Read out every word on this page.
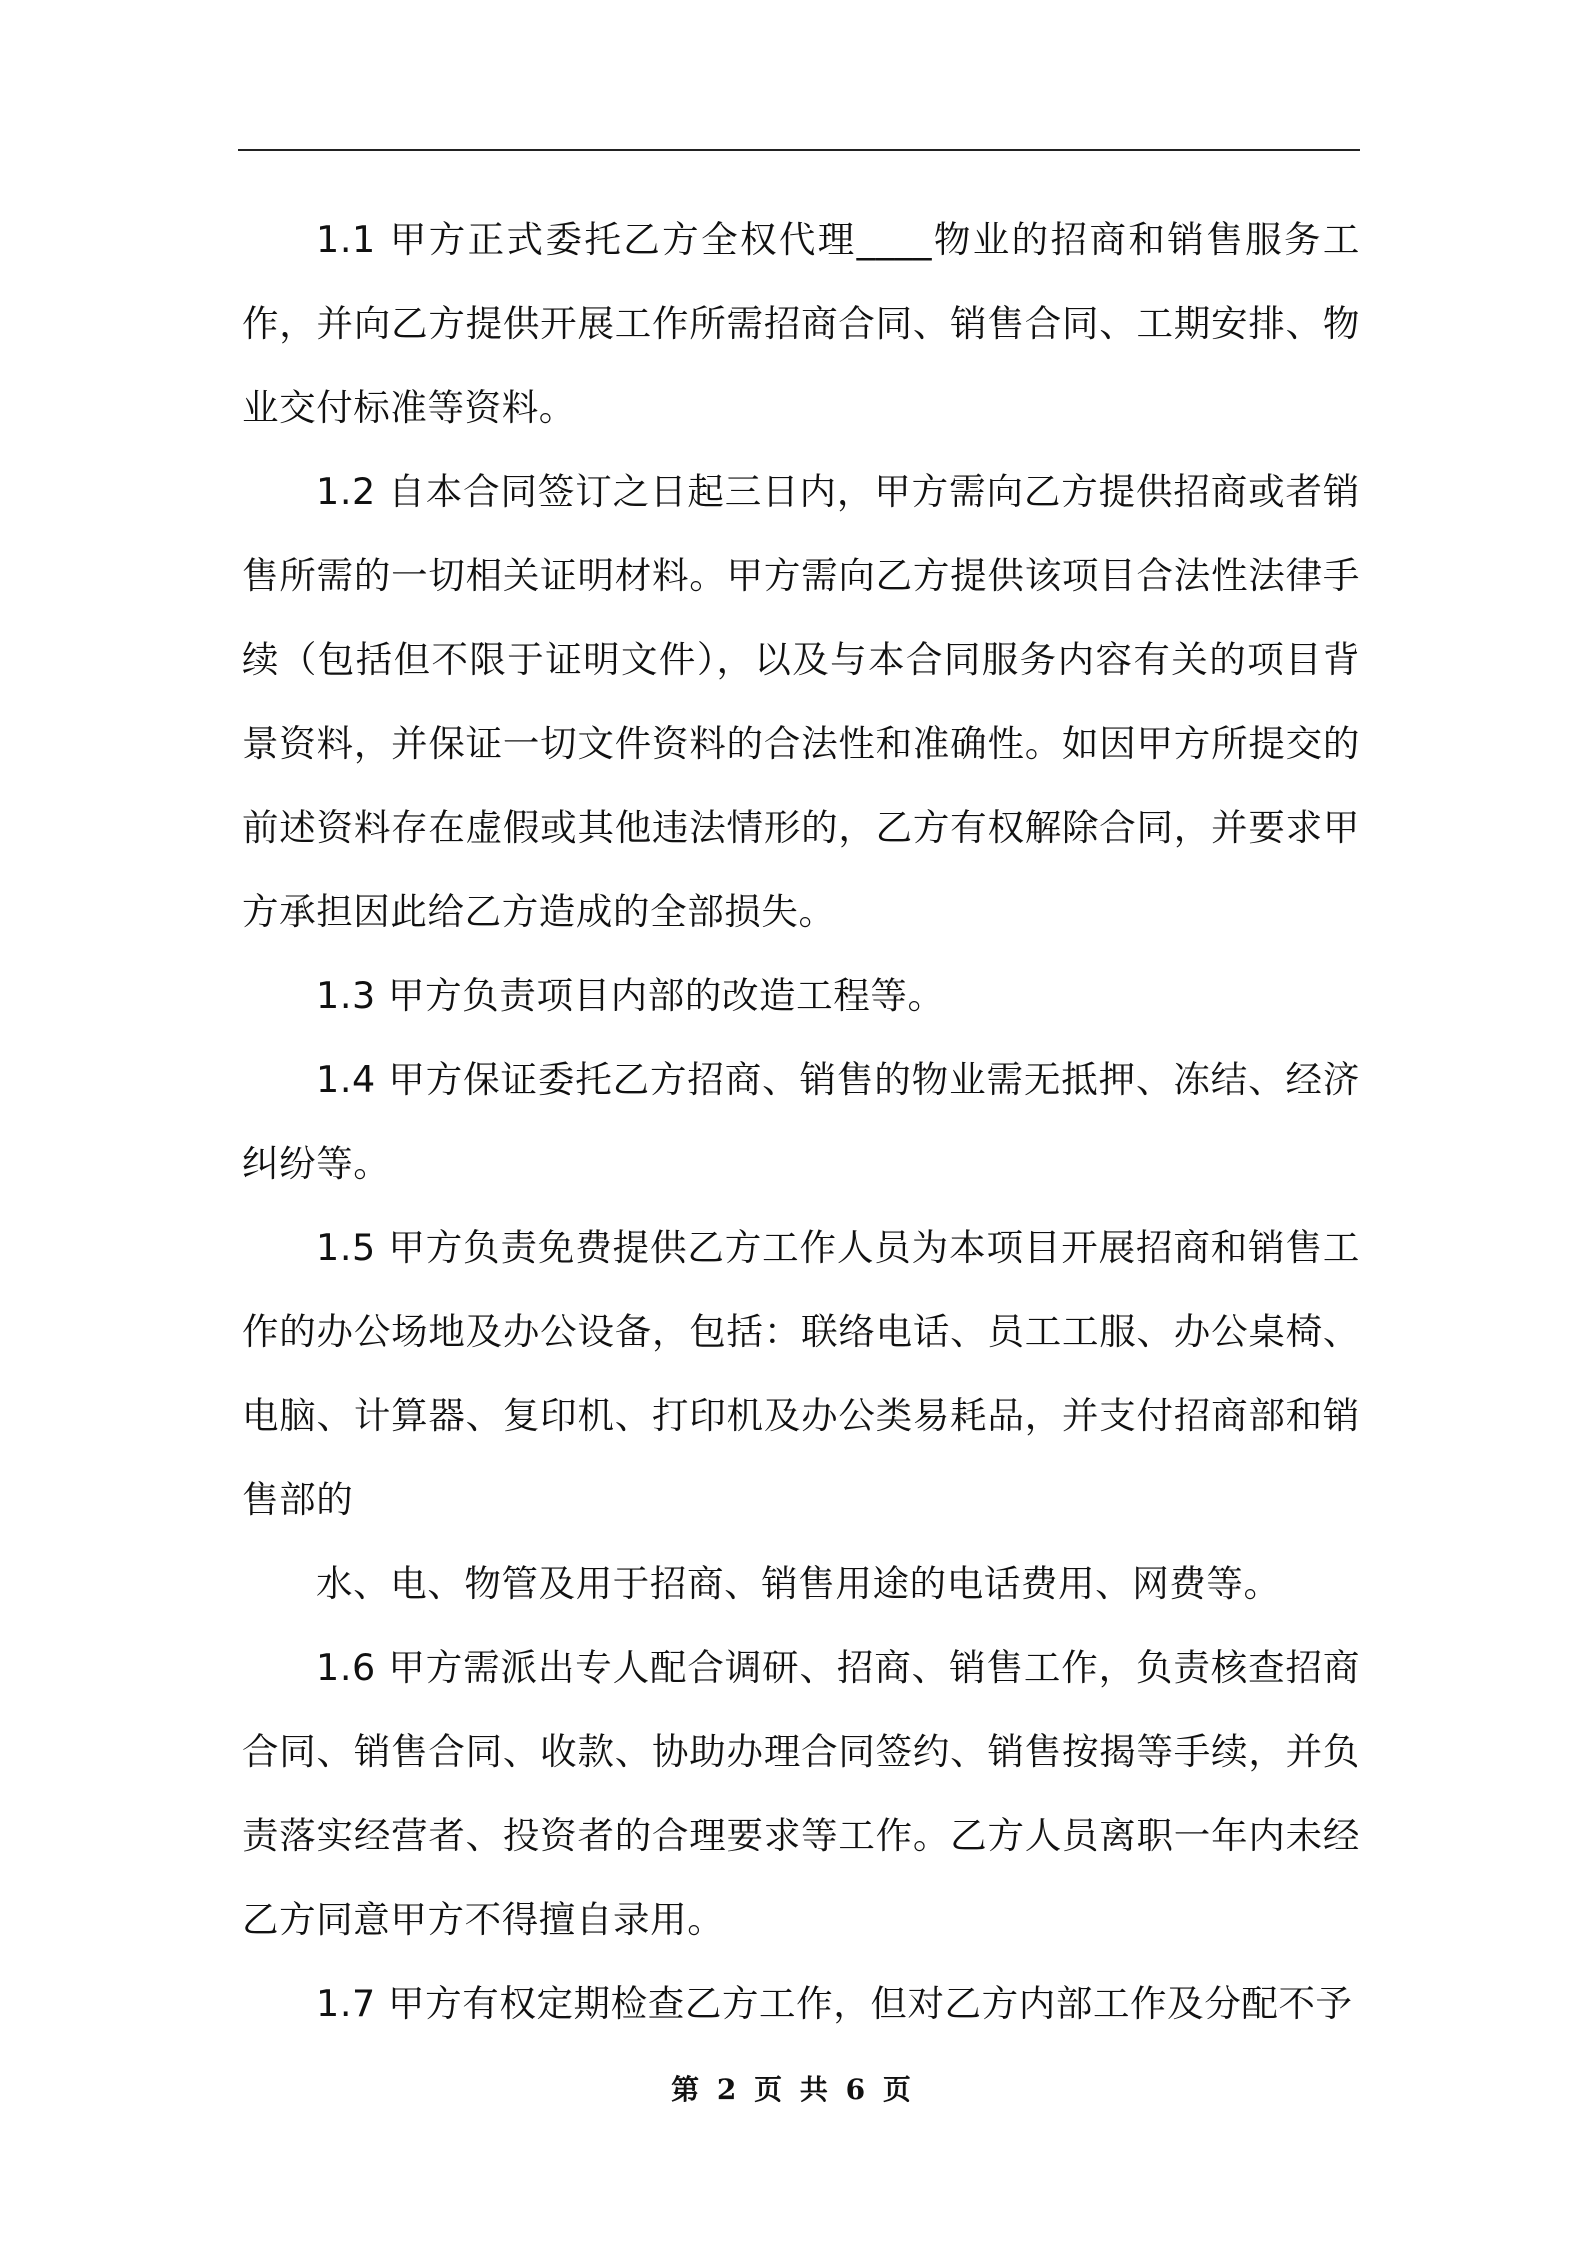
1.1 甲方正式委托乙方全权代理____物业的招商和销售服务工作，并向乙方提供开展工作所需招商合同、销售合同、工期安排、物业交付标准等资料。

1.2 自本合同签订之日起三日内，甲方需向乙方提供招商或者销售所需的一切相关证明材料。甲方需向乙方提供该项目合法性法律手续（包括但不限于证明文件），以及与本合同服务内容有关的项目背景资料，并保证一切文件资料的合法性和准确性。如因甲方所提交的前述资料存在虚假或其他违法情形的，乙方有权解除合同，并要求甲方承担因此给乙方造成的全部损失。

1.3 甲方负责项目内部的改造工程等。

1.4 甲方保证委托乙方招商、销售的物业需无抵押、冻结、经济纠纷等。

1.5 甲方负责免费提供乙方工作人员为本项目开展招商和销售工作的办公场地及办公设备，包括：联络电话、员工工服、办公桌椅、电脑、计算器、复印机、打印机及办公类易耗品，并支付招商部和销售部的

水、电、物管及用于招商、销售用途的电话费用、网费等。

1.6 甲方需派出专人配合调研、招商、销售工作，负责核查招商合同、销售合同、收款、协助办理合同签约、销售按揭等手续，并负责落实经营者、投资者的合理要求等工作。乙方人员离职一年内未经乙方同意甲方不得擅自录用。

1.7 甲方有权定期检查乙方工作，但对乙方内部工作及分配不予

第 2 页 共 6 页
